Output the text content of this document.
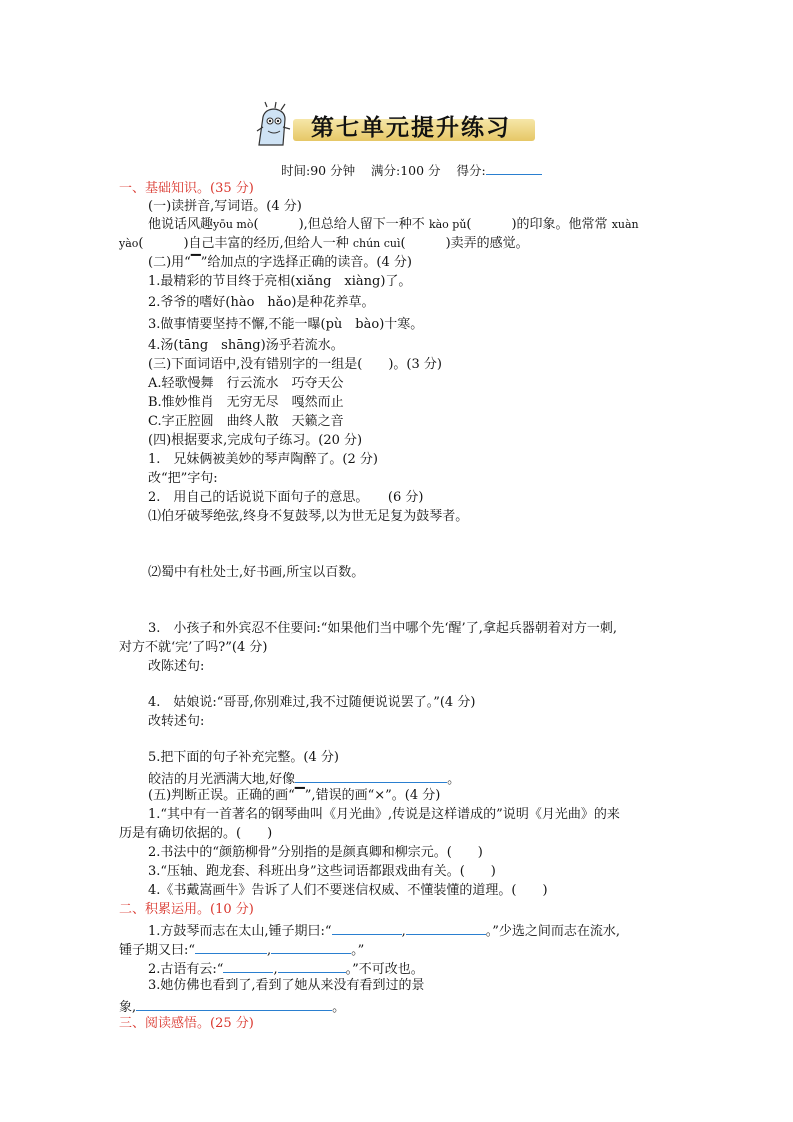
第七单元提升练习
时间:90 分钟 满分:100 分 得分:
一、基础知识。(35 分)
(一)读拼音,写词语。(4 分)
他说话风趣yōu mò(	),但总给人留下一种不 kào pǔ(	)的印象。他常常 xuàn
yào(	)自己丰富的经历,但给人一种 chún cuì(	)卖弄的感觉。
(二)用“▔”给加点的字选择正确的读音。(4 分)
1.最精彩的节目终于亮相(xiǎng　xiàng)了。
2.爷爷的嗜好(hào　hǎo)是种花养草。
3.做事情要坚持不懈,不能一曝(pù　bào)十寒。
4.汤(tāng　shāng)汤乎若流水。
(三)下面词语中,没有错别字的一组是(　　)。(3 分)
A.轻歌慢舞　行云流水　巧夺天公
B.惟妙惟肖　无穷无尽　嘎然而止
C.字正腔圆　曲终人散　天籁之音
(四)根据要求,完成句子练习。(20 分)
1.　兄妹俩被美妙的琴声陶醉了。(2 分)
改“把”字句:
2.　用自己的话说说下面句子的意思。　　(6 分)
⑴伯牙破琴绝弦,终身不复鼓琴,以为世无足复为鼓琴者。
⑵蜀中有杜处士,好书画,所宝以百数。
3.　小孩子和外宾忍不住要问:“如果他们当中哪个先‘醒’了,拿起兵器朝着对方一刺,
对方不就‘完’了吗?”(4 分)
改陈述句:
4.　姑娘说:“哥哥,你别难过,我不过随便说说罢了。”(4 分)
改转述句:
5.把下面的句子补充完整。(4 分)
皎洁的月光洒满大地,好像	。
(五)判断正误。正确的画“▔”,错误的画“×”。(4 分)
1.“其中有一首著名的钢琴曲叫《月光曲》,传说是这样谱成的”说明《月光曲》的来
历是有确切依据的。(　　)
2.书法中的“颜筋柳骨”分别指的是颜真卿和柳宗元。(　　)
3.“压轴、跑龙套、科班出身”这些词语都跟戏曲有关。(　　)
4.《书戴嵩画牛》告诉了人们不要迷信权威、不懂装懂的道理。(　　)
二、积累运用。(10 分)
1.方鼓琴而志在太山,锺子期曰:“	,	。”少选之间而志在流水,
锺子期又曰:“	,	。”
2.古语有云:“	,	。”不可改也。
3.她仿佛也看到了,看到了她从来没有看到过的景
象,	。
三、阅读感悟。(25 分)
